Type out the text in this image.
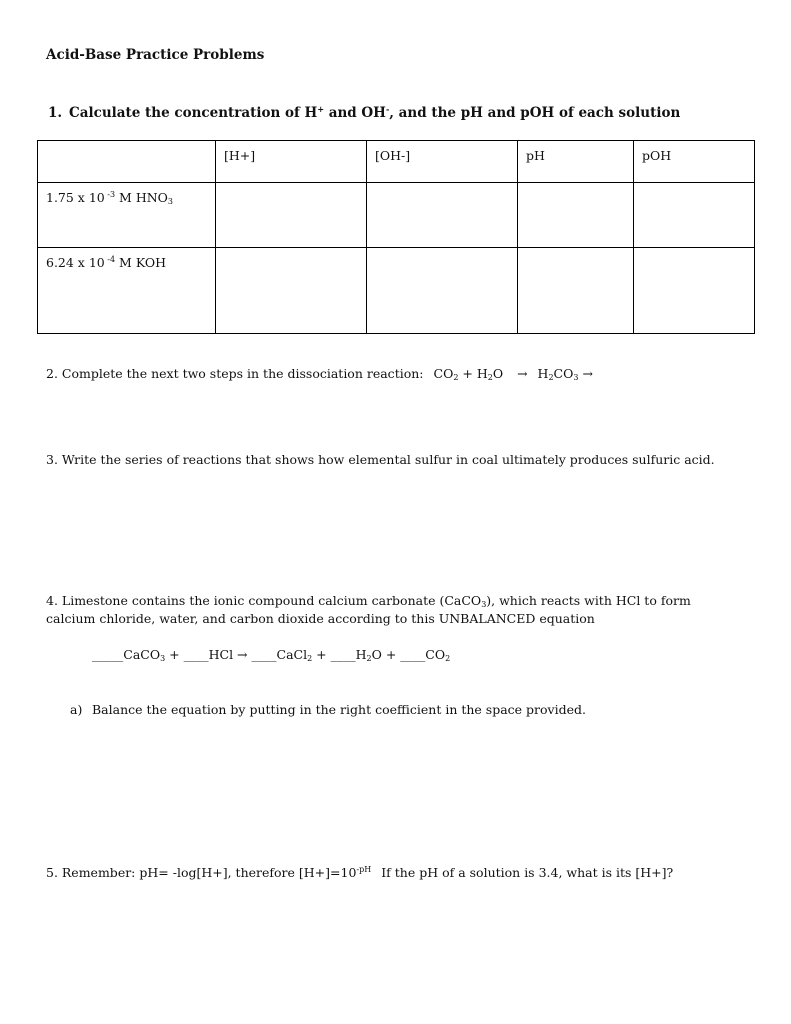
Acid-Base Practice Problems
1. Calculate the concentration of H+ and OH-, and the pH and pOH of each solution
	[H+]	[OH-]	pH	pOH
1.75 x 10 $^{-3}$ M $HNO_3$				
6.24 x 10 $^{-4}$ M KOH				
2. Complete the next two steps in the dissociation reaction: $CO_2 + H_2O \to H_2CO_3$ →
3. Write the series of reactions that shows how elemental sulfur in coal ultimately produces sulfuric acid.
4. Limestone contains the ionic compound calcium carbonate (CaCO$_3$), which reacts with HCl to form
calcium chloride, water, and carbon dioxide according to this UNBALANCED equation
_____CaCO$_3$ + ____HCl → ____CaCl$_2$ + $\_\_\_\_H_2O$ + $\_\_\_\_CO_2$
a) Balance the equation by putting in the right coefficient in the space provided.
5. Remember: pH= -log[H+], therefore $[H+]=10^{-pH}$ If the pH of a solution is 3.4, what is its [H+]?
